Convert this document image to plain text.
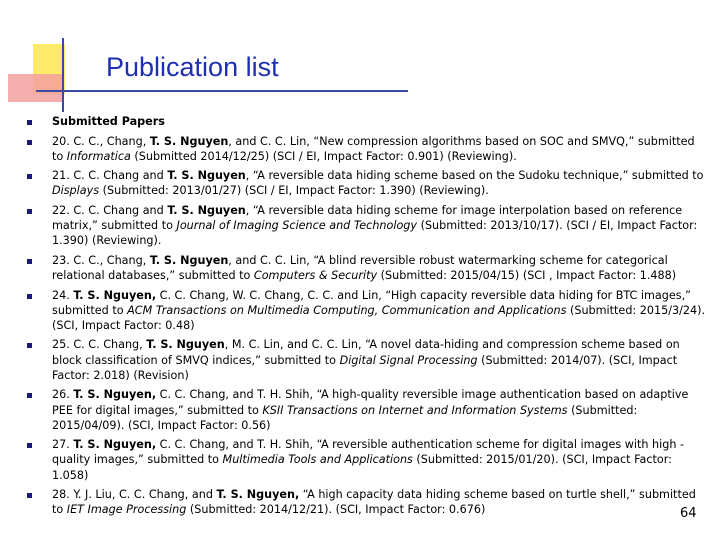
Publication list
Submitted Papers
20. C. C., Chang, T. S. Nguyen, and C. C. Lin, “New compression algorithms based on SOC and SMVQ,” submitted to Informatica (Submitted 2014/12/25) (SCI / EI, Impact Factor: 0.901) (Reviewing).
21. C. C. Chang and T. S. Nguyen, “A reversible data hiding scheme based on the Sudoku technique,” submitted to Displays (Submitted: 2013/01/27) (SCI / EI, Impact Factor: 1.390) (Reviewing).
22. C. C. Chang and T. S. Nguyen, “A reversible data hiding scheme for image interpolation based on reference matrix,” submitted to Journal of Imaging Science and Technology (Submitted: 2013/10/17). (SCI / EI, Impact Factor: 1.390) (Reviewing).
23. C. C., Chang, T. S. Nguyen, and C. C. Lin, “A blind reversible robust watermarking scheme for categorical relational databases,” submitted to Computers & Security (Submitted: 2015/04/15) (SCI , Impact Factor: 1.488)
24. T. S. Nguyen, C. C. Chang, W. C. Chang, C. C. and Lin, “High capacity reversible data hiding for BTC images,” submitted to ACM Transactions on Multimedia Computing, Communication and Applications (Submitted: 2015/3/24). (SCI, Impact Factor: 0.48)
25. C. C. Chang, T. S. Nguyen, M. C. Lin, and C. C. Lin, “A novel data-hiding and compression scheme based on block classification of SMVQ indices,” submitted to Digital Signal Processing (Submitted: 2014/07). (SCI, Impact Factor: 2.018) (Revision)
26. T. S. Nguyen, C. C. Chang, and T. H. Shih, “A high-quality reversible image authentication based on adaptive PEE for digital images,” submitted to KSII Transactions on Internet and Information Systems (Submitted: 2015/04/09). (SCI, Impact Factor: 0.56)
27. T. S. Nguyen, C. C. Chang, and T. H. Shih, “A reversible authentication scheme for digital images with high -quality images,” submitted to Multimedia Tools and Applications (Submitted: 2015/01/20). (SCI, Impact Factor: 1.058)
28. Y. J. Liu, C. C. Chang, and T. S. Nguyen, “A high capacity data hiding scheme based on turtle shell,” submitted to IET Image Processing (Submitted: 2014/12/21). (SCI, Impact Factor: 0.676)	64
